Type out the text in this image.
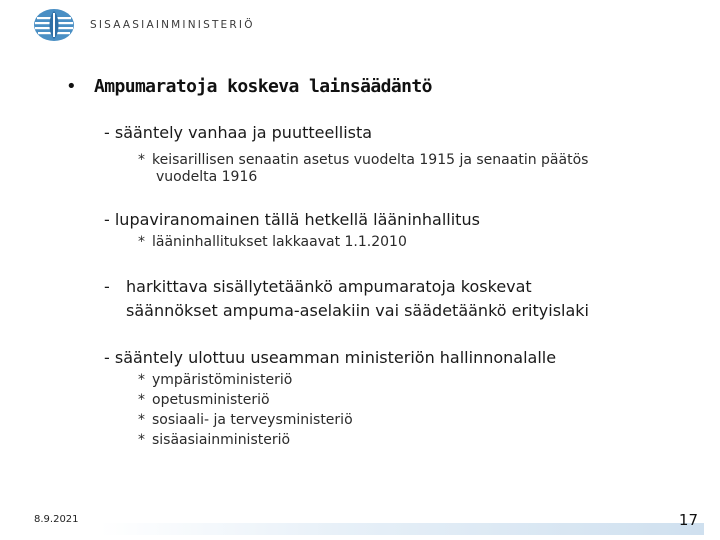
SISAASIAINMINISTERIÖ
• Ampumaratoja koskeva lainsäädäntö
- sääntely vanhaa ja puutteellista
* keisarillisen senaatin asetus vuodelta 1915 ja senaatin päätös
vuodelta 1916
- lupaviranomainen tällä hetkellä lääninhallitus
* lääninhallitukset lakkaavat 1.1.2010
- harkittava sisällytetäänkö ampumaratoja koskevat
säännökset ampuma-aselakiin vai säädetäänkö erityislaki
- sääntely ulottuu useamman ministeriön hallinnonalalle
* ympäristöministeriö
* opetusministeriö
* sosiaali- ja terveysministeriö
* sisäasiainministeriö
8.9.2021	17
